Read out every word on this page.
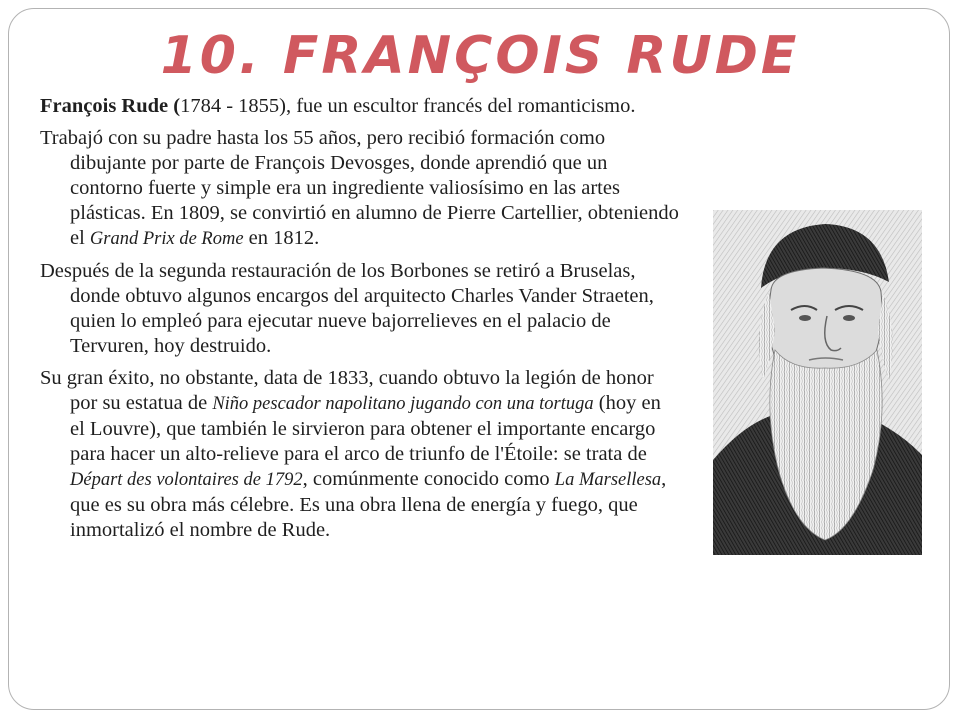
10. FRANÇOIS RUDE

François Rude (1784 - 1855), fue un escultor francés del romanticismo.

Trabajó con su padre hasta los 55 años, pero recibió formación como dibujante por parte de François Devosges, donde aprendió que un contorno fuerte y simple era un ingrediente valiosísimo en las artes plásticas. En 1809, se convirtió en alumno de Pierre Cartellier, obteniendo el Grand Prix de Rome en 1812.

Después de la segunda restauración de los Borbones se retiró a Bruselas, donde obtuvo algunos encargos del arquitecto Charles Vander Straeten, quien lo empleó para ejecutar nueve bajorrelieves en el palacio de Tervuren, hoy destruido.

Su gran éxito, no obstante, data de 1833, cuando obtuvo la legión de honor por su estatua de Niño pescador napolitano jugando con una tortuga (hoy en el Louvre), que también le sirvieron para obtener el importante encargo para hacer un alto-relieve para el arco de triunfo de l'Étoile: se trata de Départ des volontaires de 1792, comúnmente conocido como La Marsellesa, que es su obra más célebre. Es una obra llena de energía y fuego, que inmortalizó el nombre de Rude.
